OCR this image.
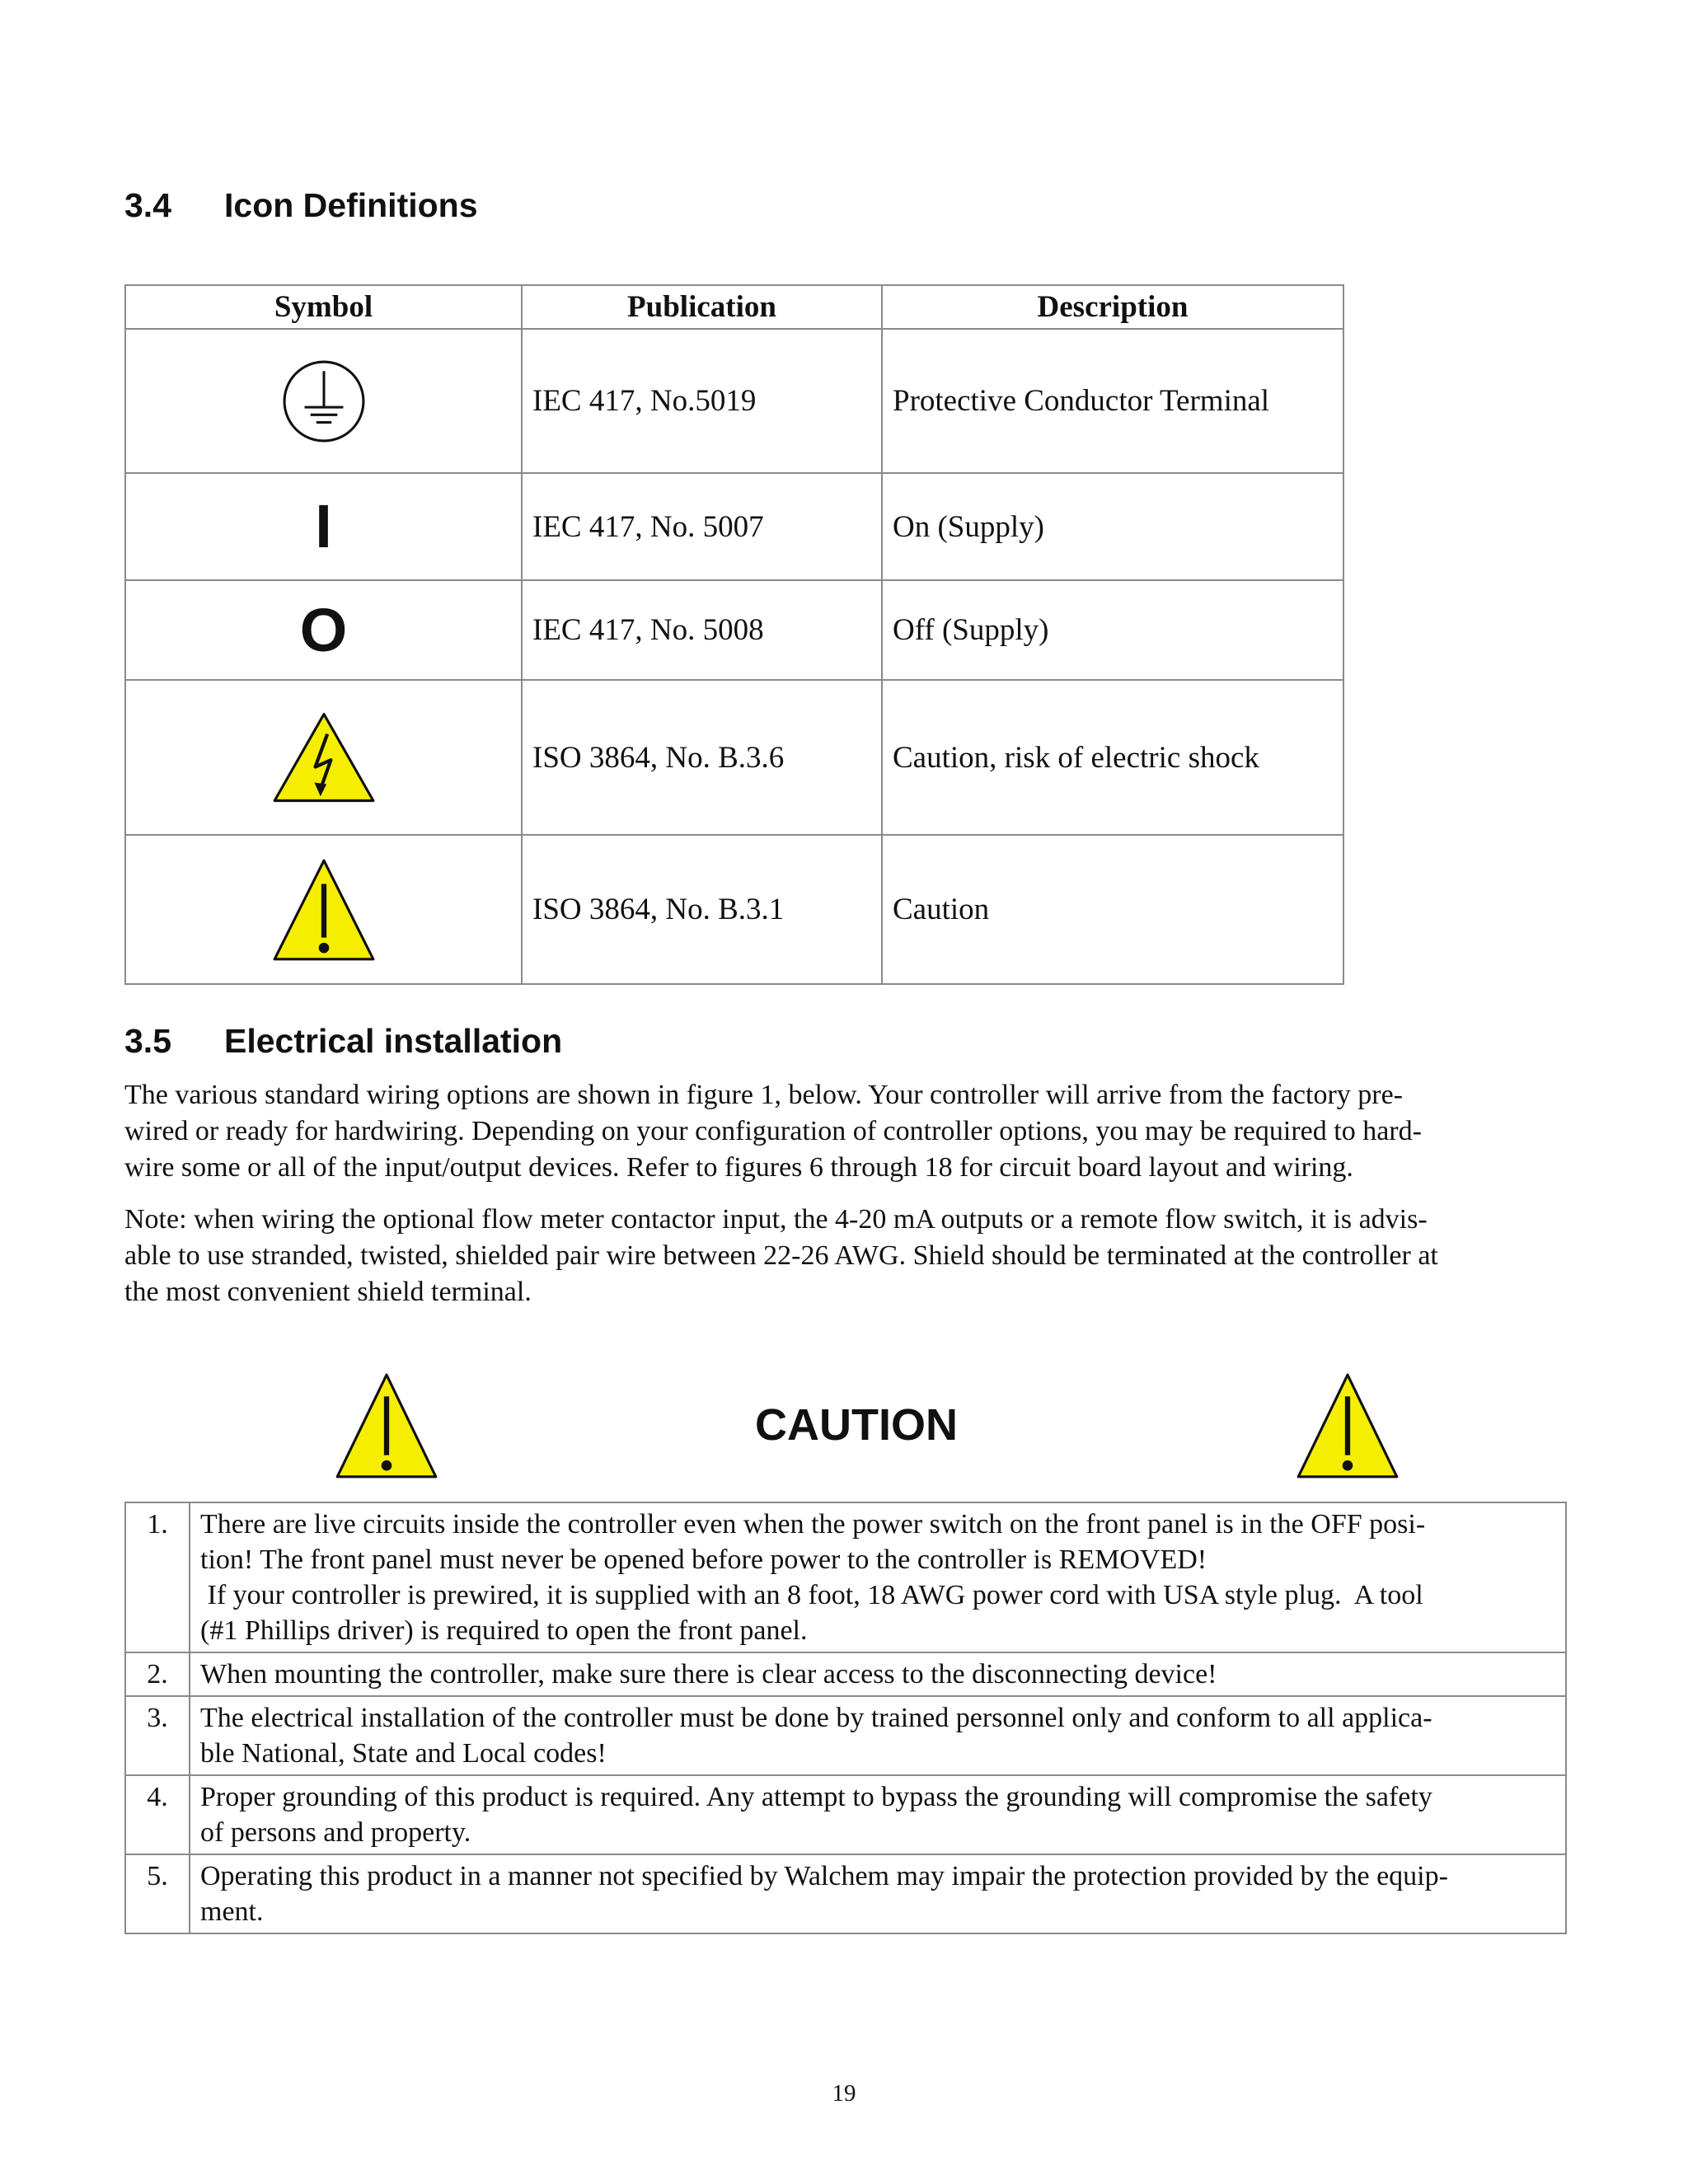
3.4 Icon Definitions
Symbol	Publication	Description
	IEC 417, No.5019	Protective Conductor Terminal
I	IEC 417, No. 5007	On (Supply)
O	IEC 417, No. 5008	Off (Supply)
	ISO 3864, No. B.3.6	Caution, risk of electric shock
	ISO 3864, No. B.3.1	Caution
3.5 Electrical installation
The various standard wiring options are shown in figure 1, below. Your controller will arrive from the factory pre-
wired or ready for hardwiring. Depending on your configuration of controller options, you may be required to hard-
wire some or all of the input/output devices. Refer to figures 6 through 18 for circuit board layout and wiring.
Note: when wiring the optional flow meter contactor input, the 4-20 mA outputs or a remote flow switch, it is advis-
able to use stranded, twisted, shielded pair wire between 22-26 AWG. Shield should be terminated at the controller at
the most convenient shield terminal.
CAUTION
1.	There are live circuits inside the controller even when the power switch on the front panel is in the OFF posi-
tion! The front panel must never be opened before power to the controller is REMOVED!
If your controller is prewired, it is supplied with an 8 foot, 18 AWG power cord with USA style plug.  A tool
(#1 Phillips driver) is required to open the front panel.

2.	When mounting the controller, make sure there is clear access to the disconnecting device!

3.	The electrical installation of the controller must be done by trained personnel only and conform to all applica-
ble National, State and Local codes!

4.	Proper grounding of this product is required. Any attempt to bypass the grounding will compromise the safety
of persons and property.

5.	Operating this product in a manner not specified by Walchem may impair the protection provided by the equip-
ment.
19
